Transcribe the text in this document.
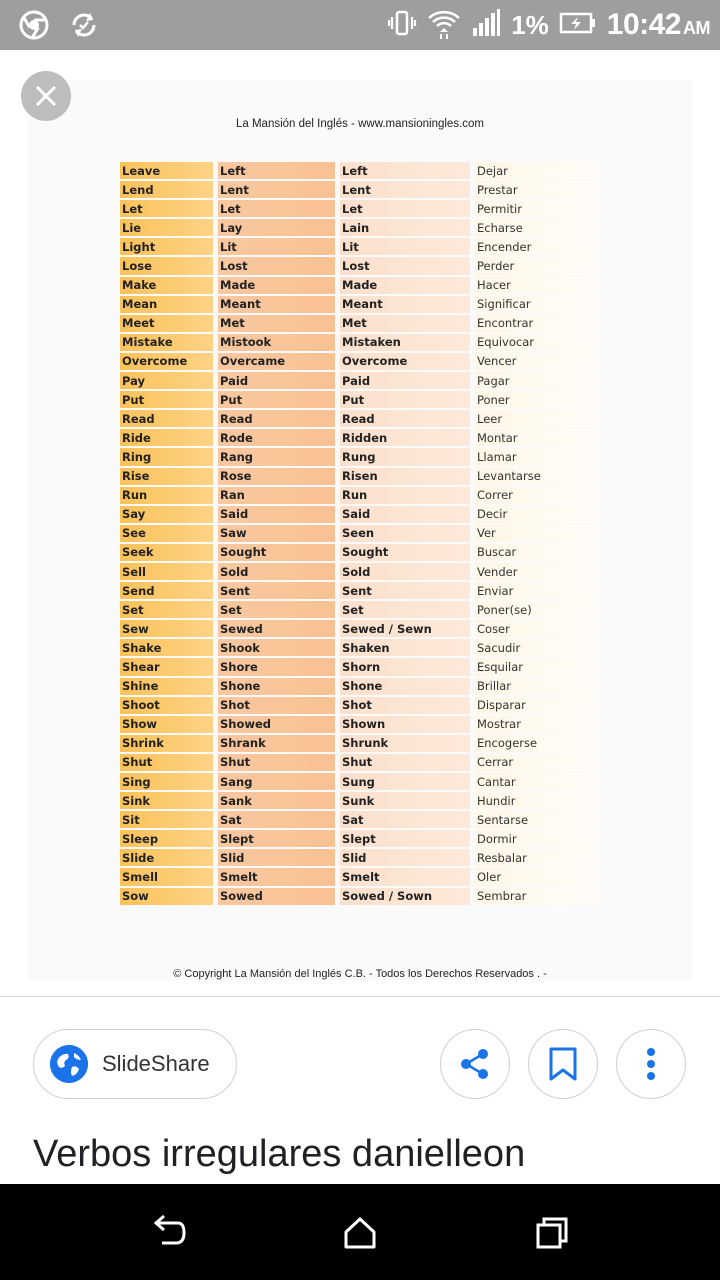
1% 10:42 AM
La Mansión del Inglés - www.mansioningles.com
Leave		Left		Left		Dejar
Lend		Lent		Lent		Prestar
Let		Let		Let		Permitir
Lie		Lay		Lain		Echarse
Light		Lit		Lit		Encender
Lose		Lost		Lost		Perder
Make		Made		Made		Hacer
Mean		Meant		Meant		Significar
Meet		Met		Met		Encontrar
Mistake		Mistook		Mistaken		Equivocar
Overcome		Overcame		Overcome		Vencer
Pay		Paid		Paid		Pagar
Put		Put		Put		Poner
Read		Read		Read		Leer
Ride		Rode		Ridden		Montar
Ring		Rang		Rung		Llamar
Rise		Rose		Risen		Levantarse
Run		Ran		Run		Correr
Say		Said		Said		Decir
See		Saw		Seen		Ver
Seek		Sought		Sought		Buscar
Sell		Sold		Sold		Vender
Send		Sent		Sent		Enviar
Set		Set		Set		Poner(se)
Sew		Sewed		Sewed / Sewn		Coser
Shake		Shook		Shaken		Sacudir
Shear		Shore		Shorn		Esquilar
Shine		Shone		Shone		Brillar
Shoot		Shot		Shot		Disparar
Show		Showed		Shown		Mostrar
Shrink		Shrank		Shrunk		Encogerse
Shut		Shut		Shut		Cerrar
Sing		Sang		Sung		Cantar
Sink		Sank		Sunk		Hundir
Sit		Sat		Sat		Sentarse
Sleep		Slept		Slept		Dormir
Slide		Slid		Slid		Resbalar
Smell		Smelt		Smelt		Oler
Sow		Sowed		Sowed / Sown		Sembrar
© Copyright La Mansión del Inglés C.B. - Todos los Derechos Reservados . -
SlideShare
Verbos irregulares danielleon
